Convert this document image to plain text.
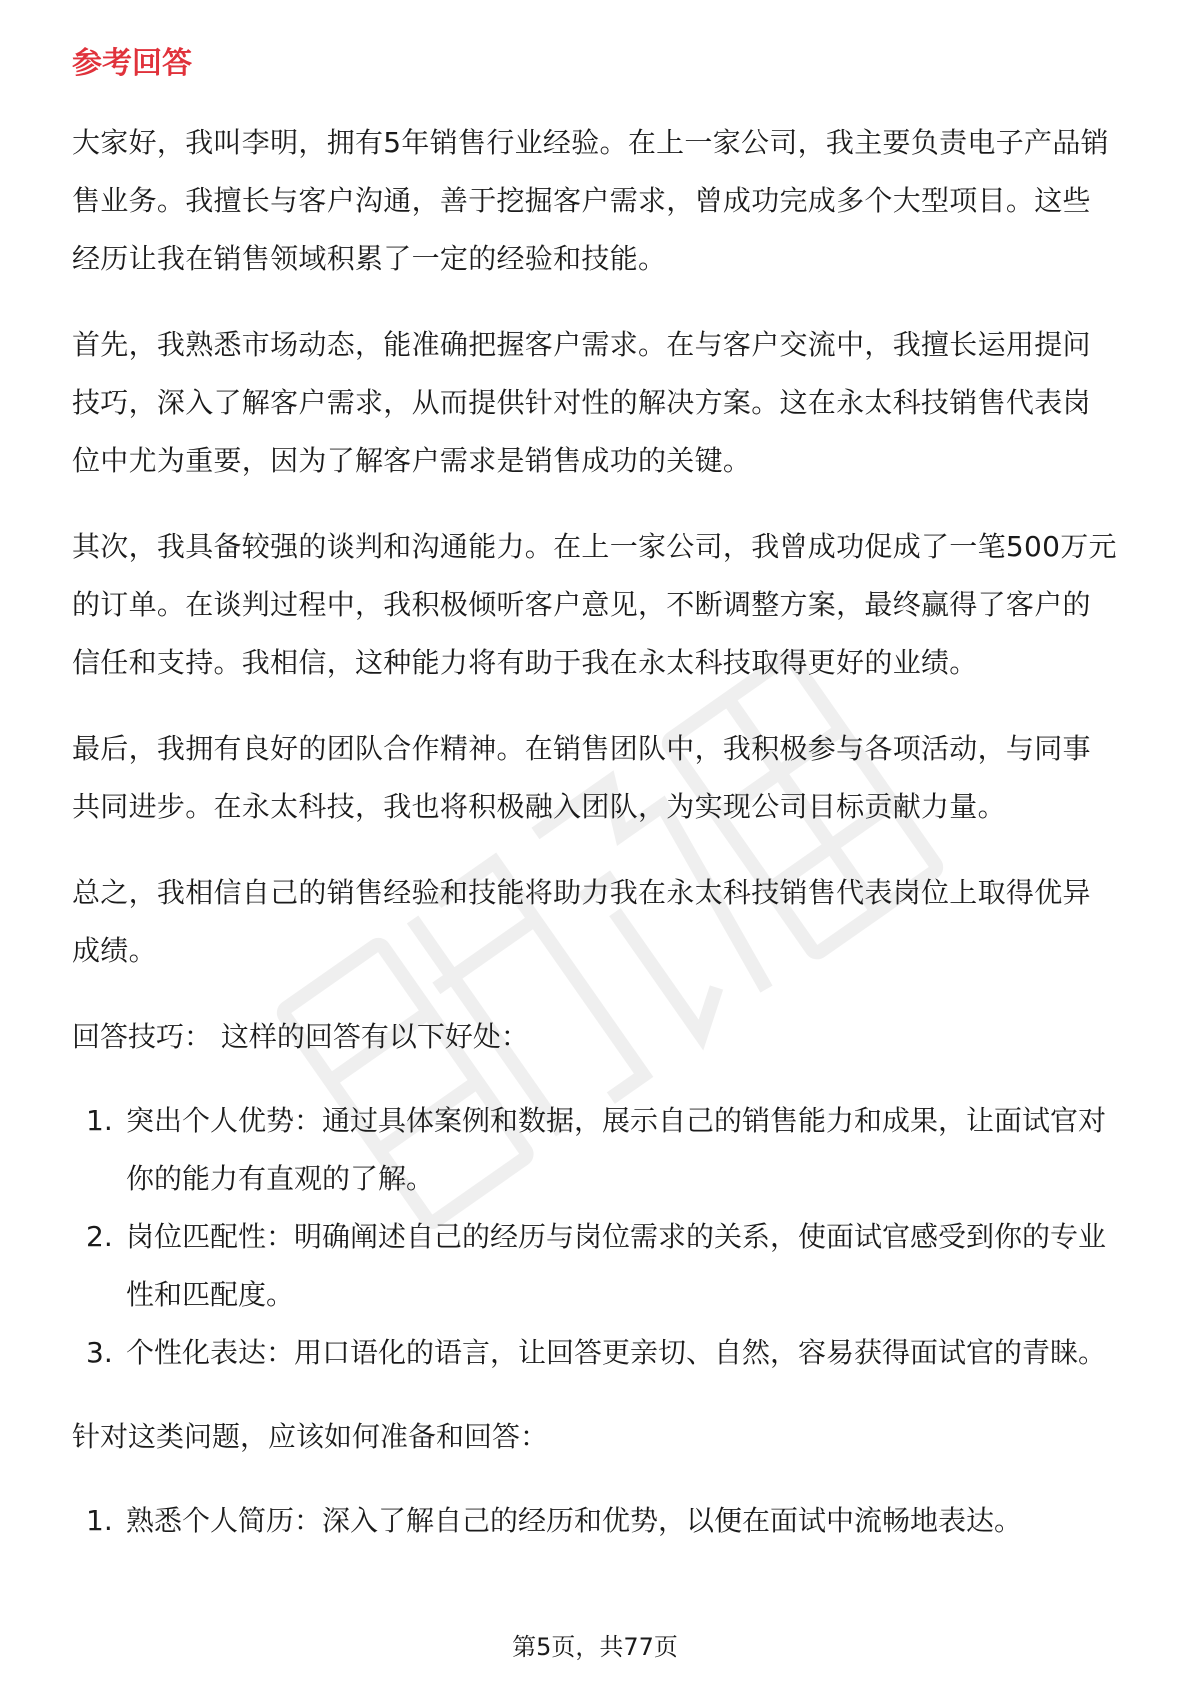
参考回答

大家好，我叫李明，拥有5年销售行业经验。在上一家公司，我主要负责电子产品销售业务。我擅长与客户沟通，善于挖掘客户需求，曾成功完成多个大型项目。这些经历让我在销售领域积累了一定的经验和技能。

首先，我熟悉市场动态，能准确把握客户需求。在与客户交流中，我擅长运用提问技巧，深入了解客户需求，从而提供针对性的解决方案。这在永太科技销售代表岗位中尤为重要，因为了解客户需求是销售成功的关键。

其次，我具备较强的谈判和沟通能力。在上一家公司，我曾成功促成了一笔500万元的订单。在谈判过程中，我积极倾听客户意见，不断调整方案，最终赢得了客户的信任和支持。我相信，这种能力将有助于我在永太科技取得更好的业绩。

最后，我拥有良好的团队合作精神。在销售团队中，我积极参与各项活动，与同事共同进步。在永太科技，我也将积极融入团队，为实现公司目标贡献力量。

总之，我相信自己的销售经验和技能将助力我在永太科技销售代表岗位上取得优异成绩。

回答技巧： 这样的回答有以下好处：
1. 突出个人优势：通过具体案例和数据，展示自己的销售能力和成果，让面试官对你的能力有直观的了解。
2. 岗位匹配性：明确阐述自己的经历与岗位需求的关系，使面试官感受到你的专业性和匹配度。
3. 个性化表达：用口语化的语言，让回答更亲切、自然，容易获得面试官的青睐。
针对这类问题，应该如何准备和回答：
1. 熟悉个人简历：深入了解自己的经历和优势，以便在面试中流畅地表达。
第5页，共77页
